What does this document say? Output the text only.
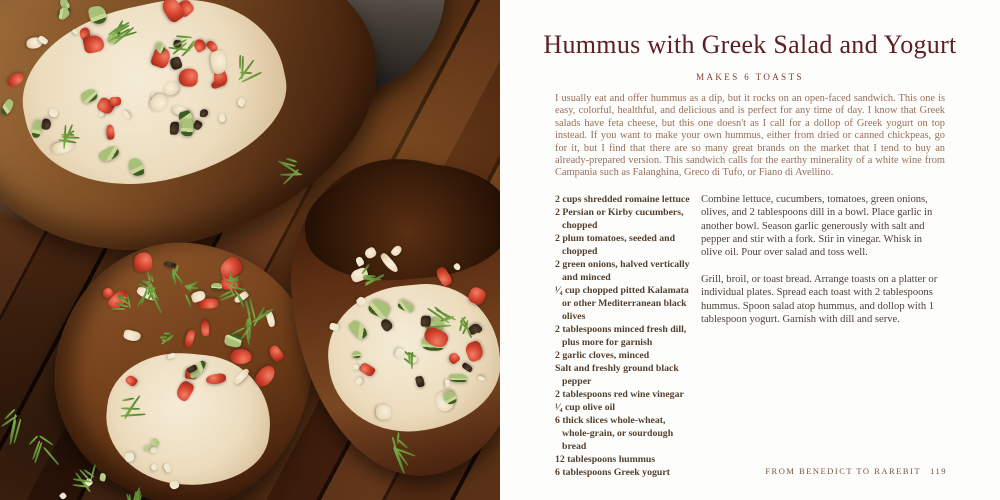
Hummus with Greek Salad and Yogurt
MAKES 6 TOASTS

I usually eat and offer hummus as a dip, but it rocks on an open-faced sandwich. This one is easy, colorful, healthful, and delicious and is perfect for any time of day. I know that Greek salads have feta cheese, but this one doesn't as I call for a dollop of Greek yogurt on top instead. If you want to make your own hummus, either from dried or canned chickpeas, go for it, but I find that there are so many great brands on the market that I tend to buy an already-prepared version. This sandwich calls for the earthy minerality of a white wine from Campania such as Falanghina, Greco di Tufo, or Fiano di Avellino.

2 cups shredded romaine lettuce
2 Persian or Kirby cucumbers, chopped
2 plum tomatoes, seeded and chopped
2 green onions, halved vertically and minced
¹⁄₄ cup chopped pitted Kalamata or other Mediterranean black olives
2 tablespoons minced fresh dill, plus more for garnish
2 garlic cloves, minced
Salt and freshly ground black pepper
2 tablespoons red wine vinegar
¹⁄₄ cup olive oil
6 thick slices whole-wheat, whole-grain, or sourdough bread
12 tablespoons hummus
6 tablespoons Greek yogurt

Combine lettuce, cucumbers, tomatoes, green onions, olives, and 2 tablespoons dill in a bowl. Place garlic in another bowl. Season garlic generously with salt and pepper and stir with a fork. Stir in vinegar. Whisk in olive oil. Pour over salad and toss well.

Grill, broil, or toast bread. Arrange toasts on a platter or individual plates. Spread each toast with 2 tablespoons hummus. Spoon salad atop hummus, and dollop with 1 tablespoon yogurt. Garnish with dill and serve.

FROM BENEDICT TO RAREBIT 119
